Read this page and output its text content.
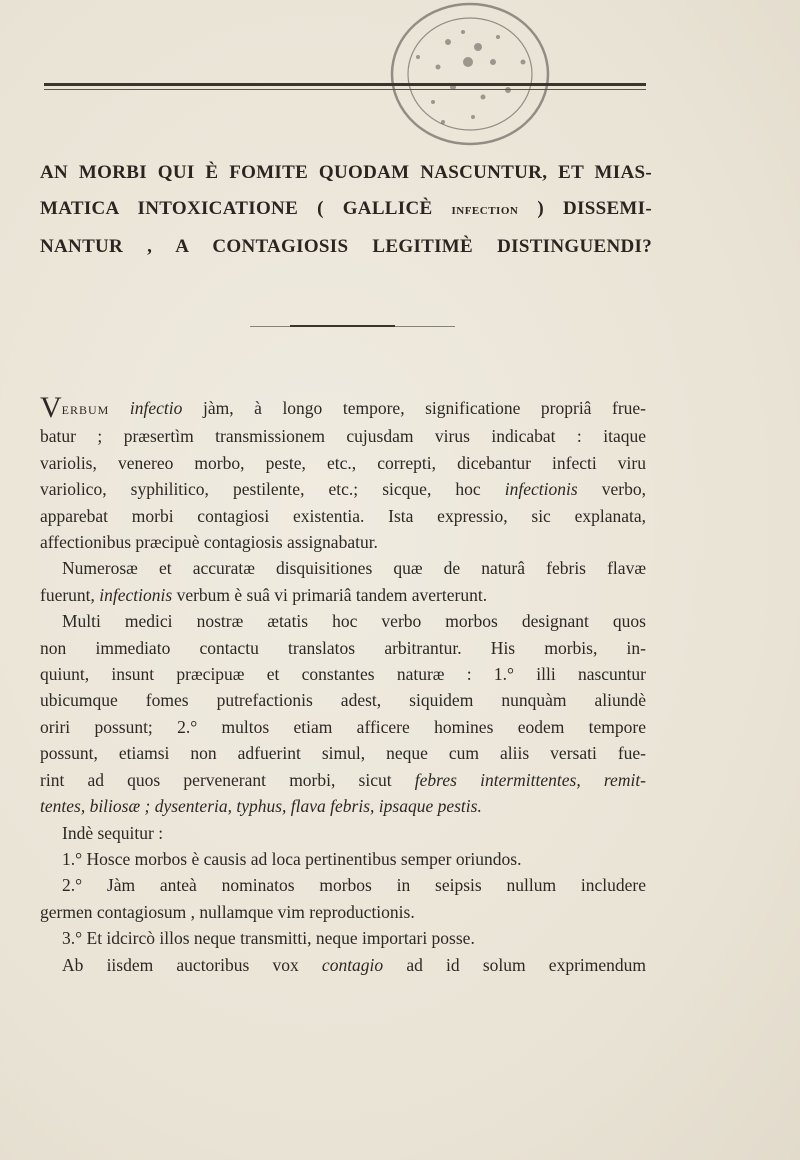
AN MORBI QUI È FOMITE QUODAM NASCUNTUR, ET MIAS-
MATICA INTOXICATIONE ( GALLICÈ INFECTION ) DISSEMI-
NANTUR , A CONTAGIOSIS LEGITIMÈ DISTINGUENDI?
VERBUM infectio jàm, à longo tempore, significatione propriâ frue-
batur ; præsertìm transmissionem cujusdam virus indicabat : itaque
variolis, venereo morbo, peste, etc., correpti, dicebantur infecti viru
variolico, syphilitico, pestilente, etc.; sicque, hoc infectionis verbo,
apparebat morbi contagiosi existentia. Ista expressio, sic explanata,
affectionibus præcipuè contagiosis assignabatur.
Numerosæ et accuratæ disquisitiones quæ de naturâ febris flavæ
fuerunt, infectionis verbum è suâ vi primariâ tandem averterunt.
Multi medici nostræ ætatis hoc verbo morbos designant quos
non immediato contactu translatos arbitrantur. His morbis, in-
quiunt, insunt præcipuæ et constantes naturæ : 1.° illi nascuntur
ubicumque fomes putrefactionis adest, siquidem nunquàm aliundè
oriri possunt; 2.° multos etiam afficere homines eodem tempore
possunt, etiamsi non adfuerint simul, neque cum aliis versati fue-
rint ad quos pervenerant morbi, sicut febres intermittentes, remit-
tentes, biliosæ ; dysenteria, typhus, flava febris, ipsaque pestis.
Indè sequitur :
1.° Hosce morbos è causis ad loca pertinentibus semper oriundos.
2.° Jàm anteà nominatos morbos in seipsis nullum includere
germen contagiosum , nullamque vim reproductionis.
3.° Et idcircò illos neque transmitti, neque importari posse.
Ab iisdem auctoribus vox contagio ad id solum exprimendum
